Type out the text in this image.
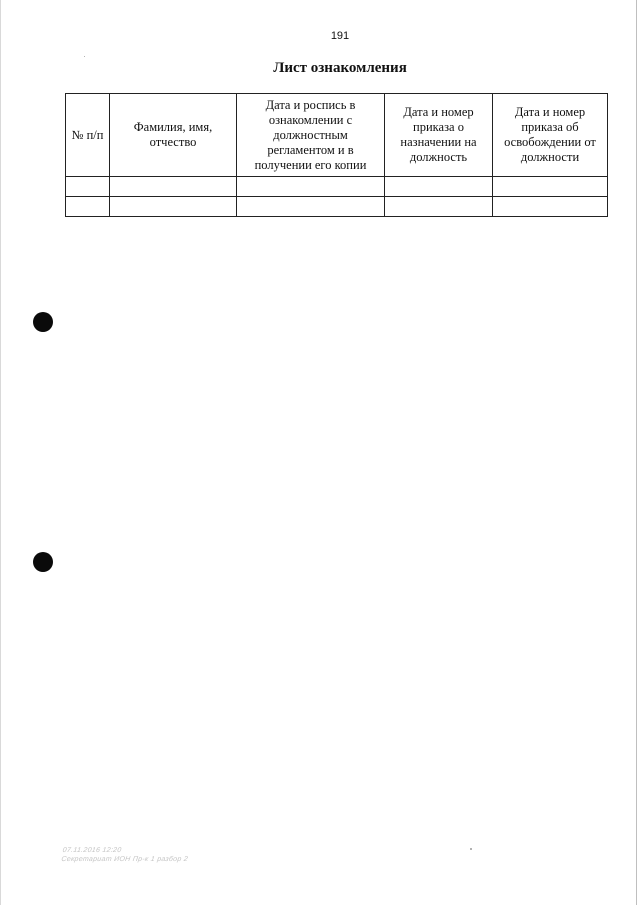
191
Лист ознакомления
№ п/п	Фамилия, имя, отчество	Дата и роспись в ознакомлении с должностным регламентом и в получении его копии	Дата и номер приказа о назначении на должность	Дата и номер приказа об освобождении от должности

07.11.2016 12:20
Секретариат ИОН Пр-к 1 разбор 2
